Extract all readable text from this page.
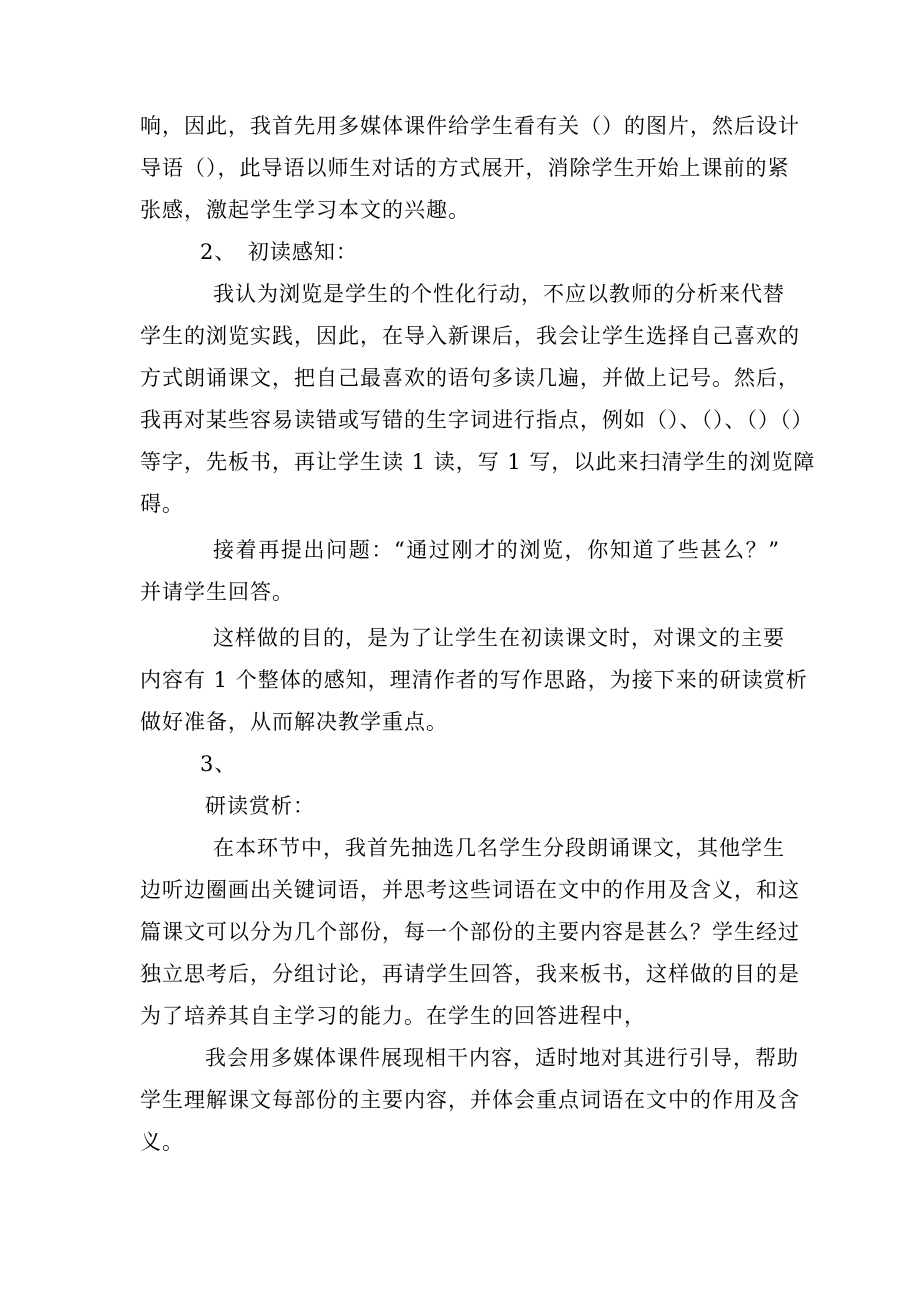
响，因此，我首先用多媒体课件给学生看有关（）的图片，然后设计
导语（），此导语以师生对话的方式展开，消除学生开始上课前的紧
张感，激起学生学习本文的兴趣。
2、　初读感知：
我认为浏览是学生的个性化行动，不应以教师的分析来代替
学生的浏览实践，因此，在导入新课后，我会让学生选择自己喜欢的
方式朗诵课文，把自己最喜欢的语句多读几遍，并做上记号。然后，
我再对某些容易读错或写错的生字词进行指点，例如（）、（）、（）（）
等字，先板书，再让学生读 1 读，写 1 写，以此来扫清学生的浏览障
碍。
接着再提出问题：“通过刚才的浏览，你知道了些甚么？”
并请学生回答。
这样做的目的，是为了让学生在初读课文时，对课文的主要
内容有 1 个整体的感知，理清作者的写作思路，为接下来的研读赏析
做好准备，从而解决教学重点。
3、
研读赏析：
在本环节中，我首先抽选几名学生分段朗诵课文，其他学生
边听边圈画出关键词语，并思考这些词语在文中的作用及含义，和这
篇课文可以分为几个部份，每一个部份的主要内容是甚么？学生经过
独立思考后，分组讨论，再请学生回答，我来板书，这样做的目的是
为了培养其自主学习的能力。在学生的回答进程中，
我会用多媒体课件展现相干内容，适时地对其进行引导，帮助
学生理解课文每部份的主要内容，并体会重点词语在文中的作用及含
义。
